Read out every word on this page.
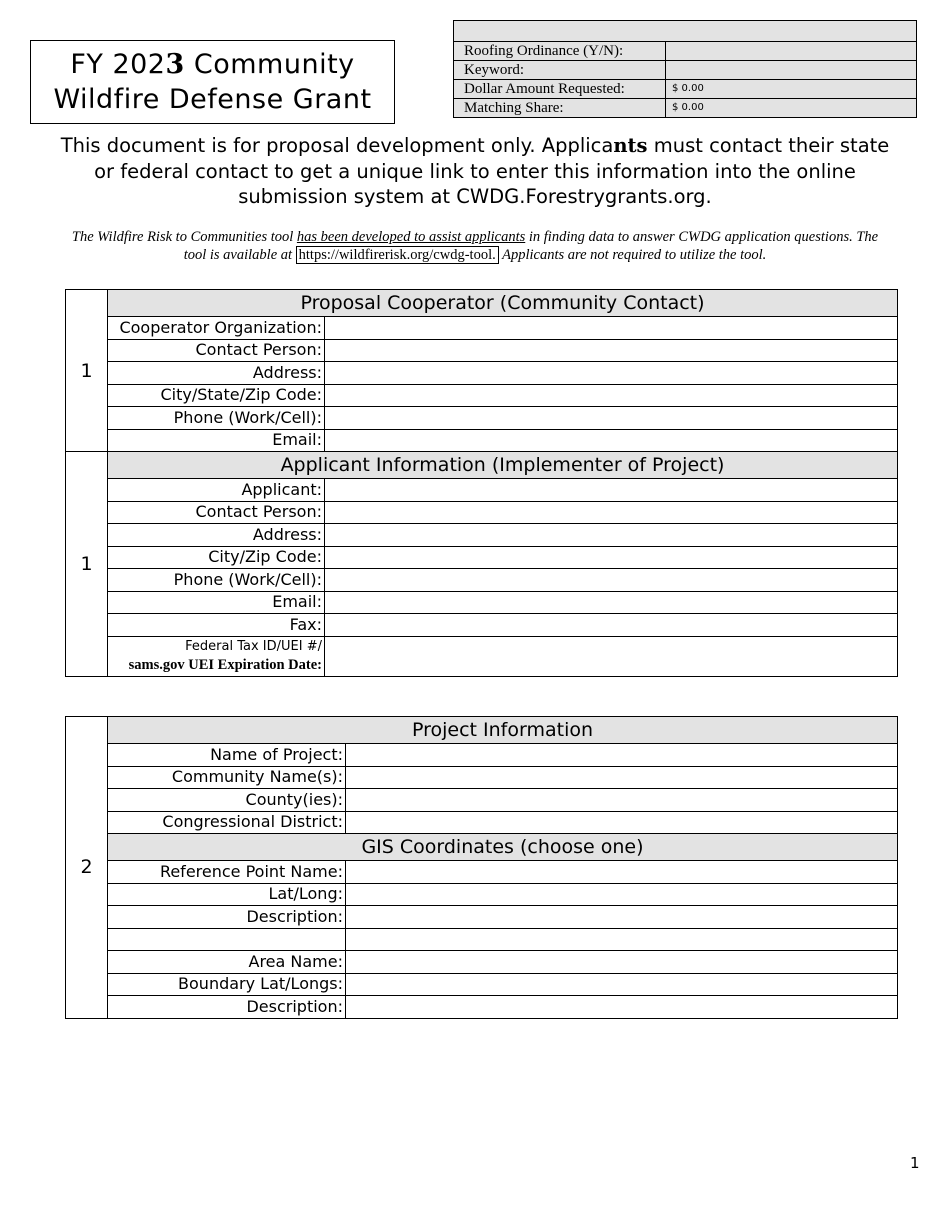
FY 2023 Community
Wildfire Defense Grant

Roofing Ordinance (Y/N):	
Keyword:	
Dollar Amount Requested:	$ 0.00
Matching Share:	$ 0.00
This document is for proposal development only. Applicants must contact their state or federal contact to get a unique link to enter this information into the online submission system at CWDG.Forestrygrants.org.
The Wildfire Risk to Communities tool has been developed to assist applicants in finding data to answer CWDG application questions. The tool is available at https://wildfirerisk.org/cwdg-tool. Applicants are not required to utilize the tool.
1	Proposal Cooperator (Community Contact)	
	Cooperator Organization:	
	Contact Person:	
	Address:	
	City/State/Zip Code:	
	Phone (Work/Cell):	
	Email:	
1	Applicant Information (Implementer of Project)	
	Applicant:	
	Contact Person:	
	Address:	
	City/Zip Code:	
	Phone (Work/Cell):	
	Email:	
	Fax:	

	Federal Tax ID/UEI #/
sams.gov UEI Expiration Date:	

2	Project Information	
	Name of Project:	
	Community Name(s):	
	County(ies):	
	Congressional District:	
	GIS Coordinates (choose one)	
	Reference Point Name:	
	Lat/Long:	
	Description:	

	Area Name:	
	Boundary Lat/Longs:	
	Description:	
1
